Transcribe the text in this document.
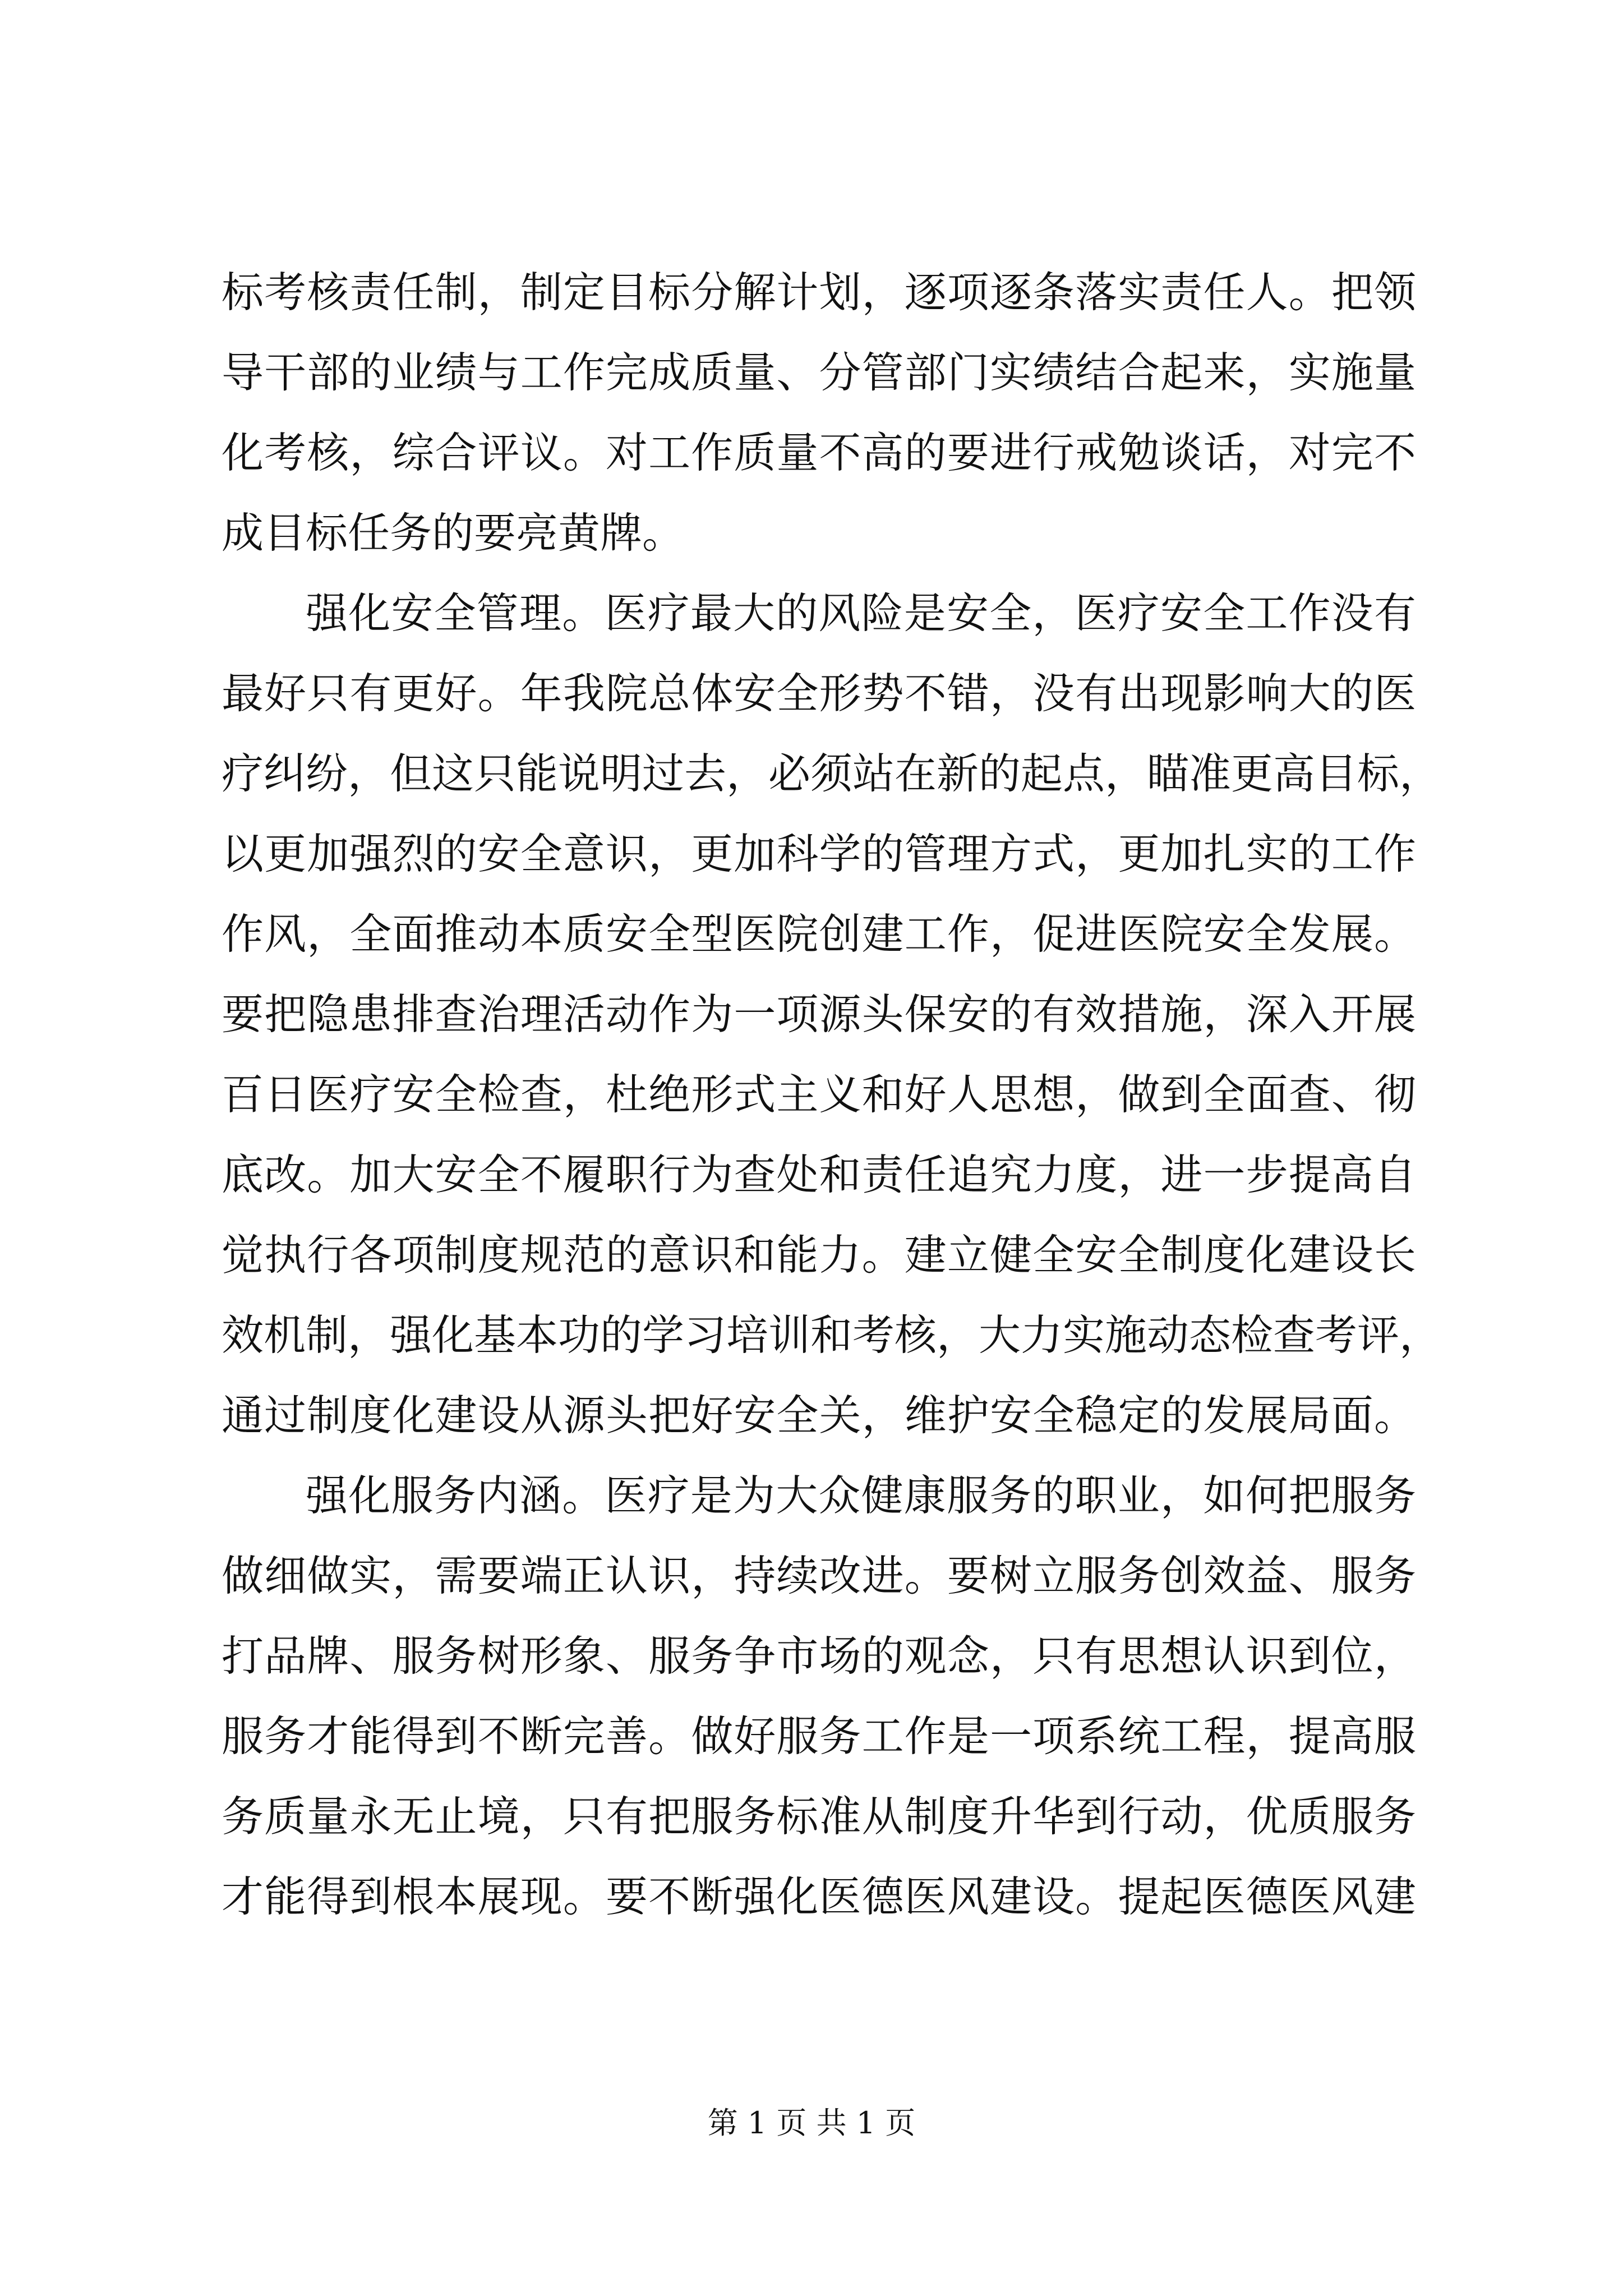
标考核责任制，制定目标分解计划，逐项逐条落实责任人。把领
导干部的业绩与工作完成质量、分管部门实绩结合起来，实施量
化考核，综合评议。对工作质量不高的要进行戒勉谈话，对完不
成目标任务的要亮黄牌。
强化安全管理。医疗最大的风险是安全，医疗安全工作没有
最好只有更好。年我院总体安全形势不错，没有出现影响大的医
疗纠纷，但这只能说明过去，必须站在新的起点，瞄准更高目标，
以更加强烈的安全意识，更加科学的管理方式，更加扎实的工作
作风，全面推动本质安全型医院创建工作，促进医院安全发展。
要把隐患排查治理活动作为一项源头保安的有效措施，深入开展
百日医疗安全检查，杜绝形式主义和好人思想，做到全面查、彻
底改。加大安全不履职行为查处和责任追究力度，进一步提高自
觉执行各项制度规范的意识和能力。建立健全安全制度化建设长
效机制，强化基本功的学习培训和考核，大力实施动态检查考评，
通过制度化建设从源头把好安全关，维护安全稳定的发展局面。
强化服务内涵。医疗是为大众健康服务的职业，如何把服务
做细做实，需要端正认识，持续改进。要树立服务创效益、服务
打品牌、服务树形象、服务争市场的观念，只有思想认识到位，
服务才能得到不断完善。做好服务工作是一项系统工程，提高服
务质量永无止境，只有把服务标准从制度升华到行动，优质服务
才能得到根本展现。要不断强化医德医风建设。提起医德医风建
第 1 页 共 1 页
